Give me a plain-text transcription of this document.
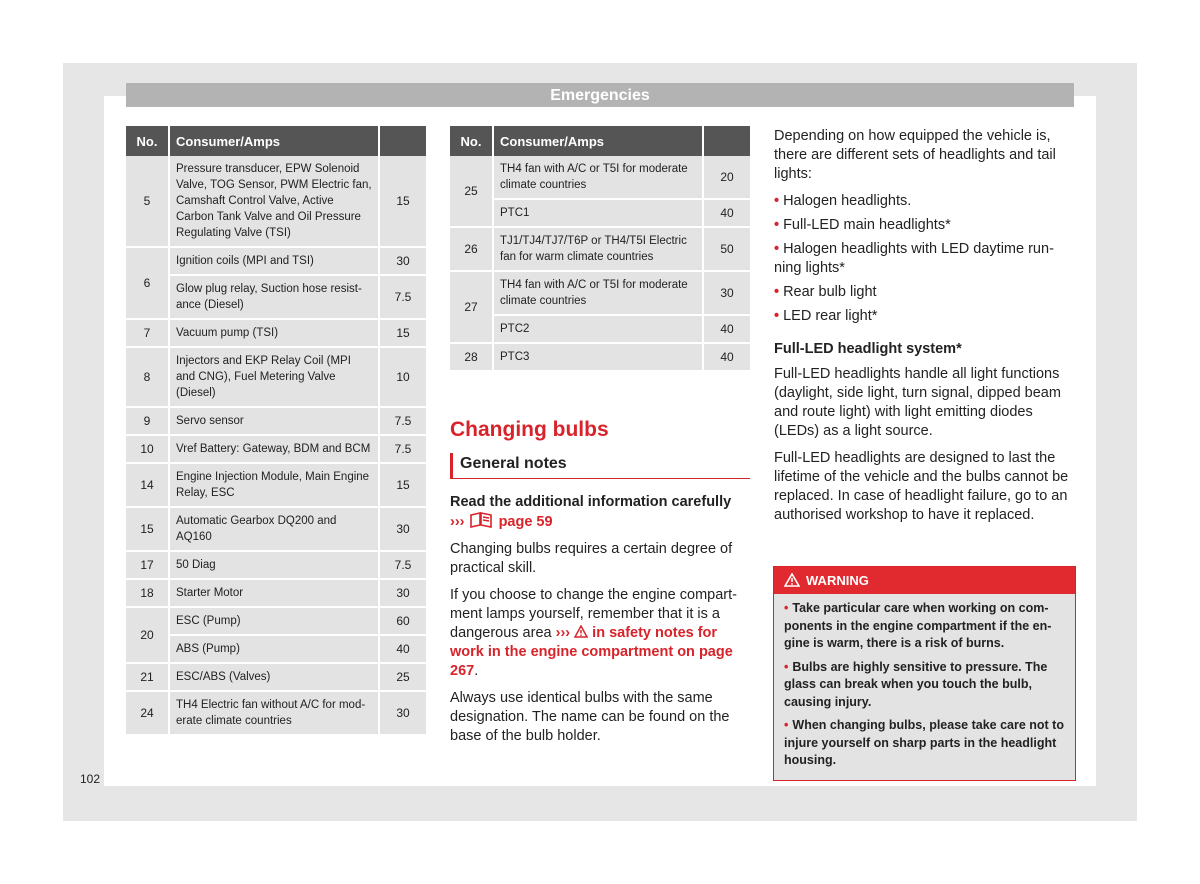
Emergencies
No.	Consumer/Amps	
5	Pressure transducer, EPW Solenoid Valve, TOG Sensor, PWM Electric fan, Camshaft Control Valve, Active Carbon Tank Valve and Oil Pressure Regulating Valve (TSI)	15
6	Ignition coils (MPI and TSI)	30
	Glow plug relay, Suction hose resistance (Diesel)	7.5
7	Vacuum pump (TSI)	15
8	Injectors and EKP Relay Coil (MPI and CNG), Fuel Metering Valve (Diesel)	10
9	Servo sensor	7.5
10	Vref Battery: Gateway, BDM and BCM	7.5
14	Engine Injection Module, Main Engine Relay, ESC	15
15	Automatic Gearbox DQ200 and AQ160	30
17	50 Diag	7.5
18	Starter Motor	30
20	ESC (Pump)	60
	ABS (Pump)	40
21	ESC/ABS (Valves)	25
24	TH4 Electric fan without A/C for moderate climate countries	30
No.	Consumer/Amps	
25	TH4 fan with A/C or T5I for moderate climate countries	20
	PTC1	40
26	TJ1/TJ4/TJ7/T6P or TH4/T5I Electric fan for warm climate countries	50
27	TH4 fan with A/C or T5I for moderate climate countries	30
	PTC2	40
28	PTC3	40
Changing bulbs
General notes

Read the additional information carefully
››› page 59

Changing bulbs requires a certain degree of practical skill.

If you choose to change the engine compartment lamps yourself, remember that it is a dangerous area ››› in safety notes for work in the engine compartment on page 267.

Always use identical bulbs with the same designation. The name can be found on the base of the bulb holder.

Depending on how equipped the vehicle is, there are different sets of headlights and tail lights:

• Halogen headlights.
• Full-LED main headlights*
• Halogen headlights with LED daytime running lights*
• Rear bulb light
• LED rear light*

Full-LED headlight system*

Full-LED headlights handle all light functions (daylight, side light, turn signal, dipped beam and route light) with light emitting diodes (LEDs) as a light source.

Full-LED headlights are designed to last the lifetime of the vehicle and the bulbs cannot be replaced. In case of headlight failure, go to an authorised workshop to have it replaced.

WARNING

• Take particular care when working on components in the engine compartment if the engine is warm, there is a risk of burns.

• Bulbs are highly sensitive to pressure. The glass can break when you touch the bulb, causing injury.

• When changing bulbs, please take care not to injure yourself on sharp parts in the headlight housing.

102
